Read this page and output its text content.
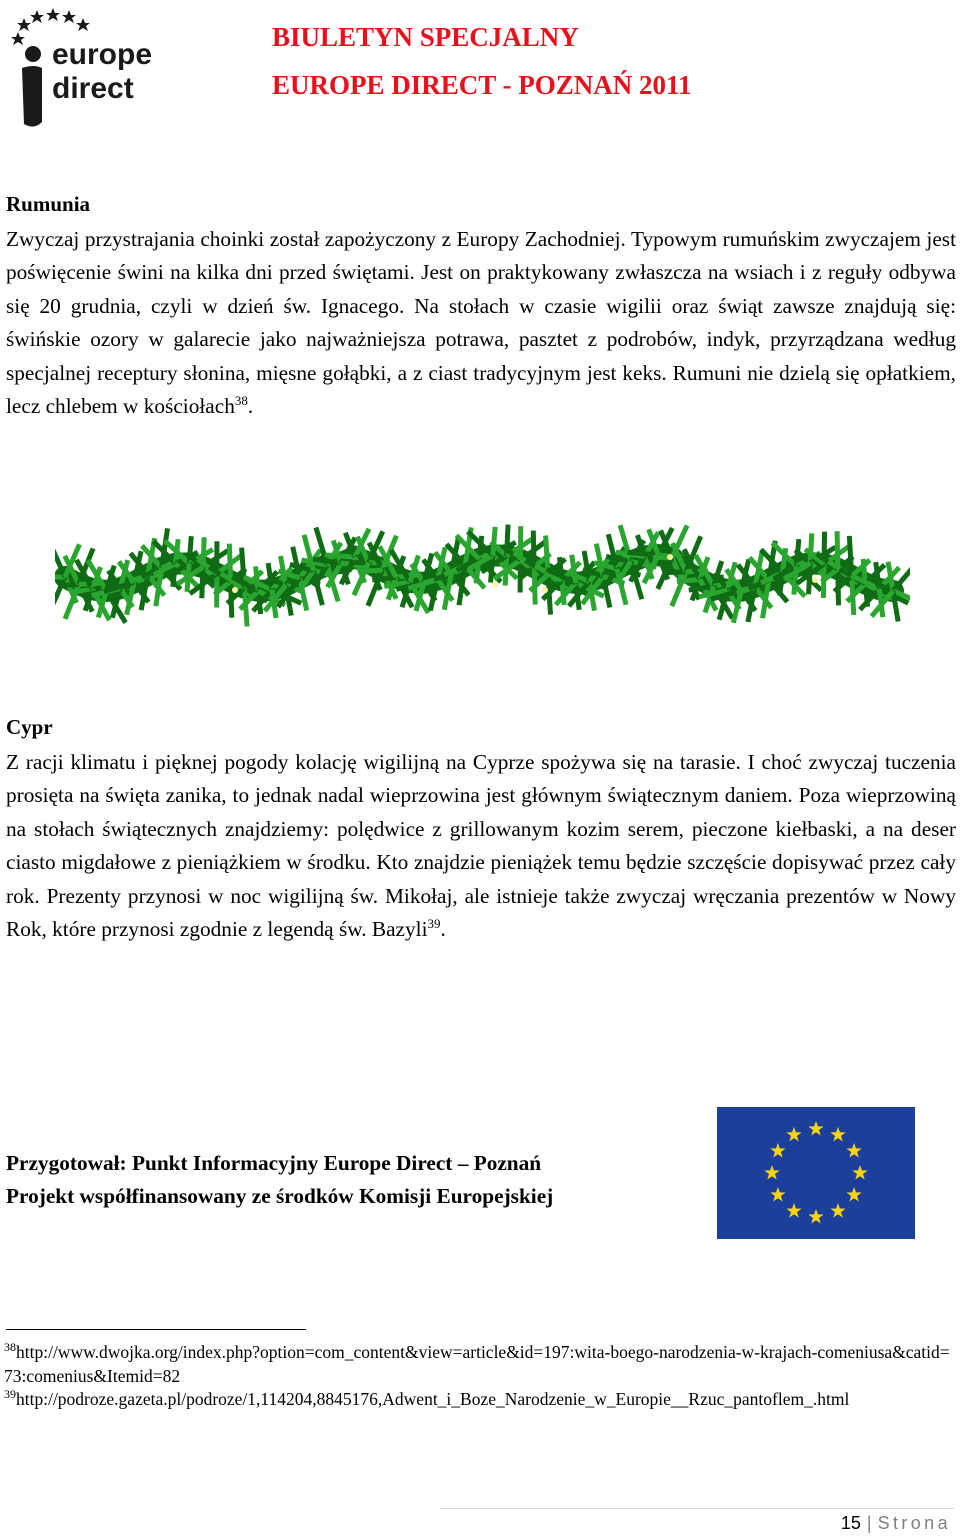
europe
direct
BIULETYN SPECJALNY
EUROPE DIRECT - POZNAŃ 2011
Rumunia
Zwyczaj przystrajania choinki został zapożyczony z Europy Zachodniej. Typowym rumuńskim zwyczajem jest poświęcenie świni na kilka dni przed świętami. Jest on praktykowany zwłaszcza na wsiach i z reguły odbywa się 20 grudnia, czyli w dzień św. Ignacego. Na stołach w czasie wigilii oraz świąt zawsze znajdują się: świńskie ozory w galarecie jako najważniejsza potrawa, pasztet z podrobów, indyk, przyrządzana według specjalnej receptury słonina, mięsne gołąbki, a z ciast tradycyjnym jest keks. Rumuni nie dzielą się opłatkiem, lecz chlebem w kościołach$^{38}$.
Cypr
Z racji klimatu i pięknej pogody kolację wigilijną na Cyprze spożywa się na tarasie. I choć zwyczaj tuczenia prosięta na święta zanika, to jednak nadal wieprzowina jest głównym świątecznym daniem. Poza wieprzowiną na stołach świątecznych znajdziemy: polędwice z grillowanym kozim serem, pieczone kiełbaski, a na deser ciasto migdałowe z pieniążkiem w środku. Kto znajdzie pieniążek temu będzie szczęście dopisywać przez cały rok. Prezenty przynosi w noc wigilijną św. Mikołaj, ale istnieje także zwyczaj wręczania prezentów w Nowy Rok, które przynosi zgodnie z legendą św. Bazyli$^{39}$.
Przygotował: Punkt Informacyjny Europe Direct – Poznań
Projekt współfinansowany ze środków Komisji Europejskiej
$^{38}$http://www.dwojka.org/index.php?option=com_content&view=article&id=197:wita-boego-narodzenia-w-krajach-comeniusa&catid=73:comenius&Itemid=82
$^{39}$http://podroze.gazeta.pl/podroze/1,114204,8845176,Adwent_i_Boze_Narodzenie_w_Europie__Rzuc_pantoflem_.html
15 | Strona
